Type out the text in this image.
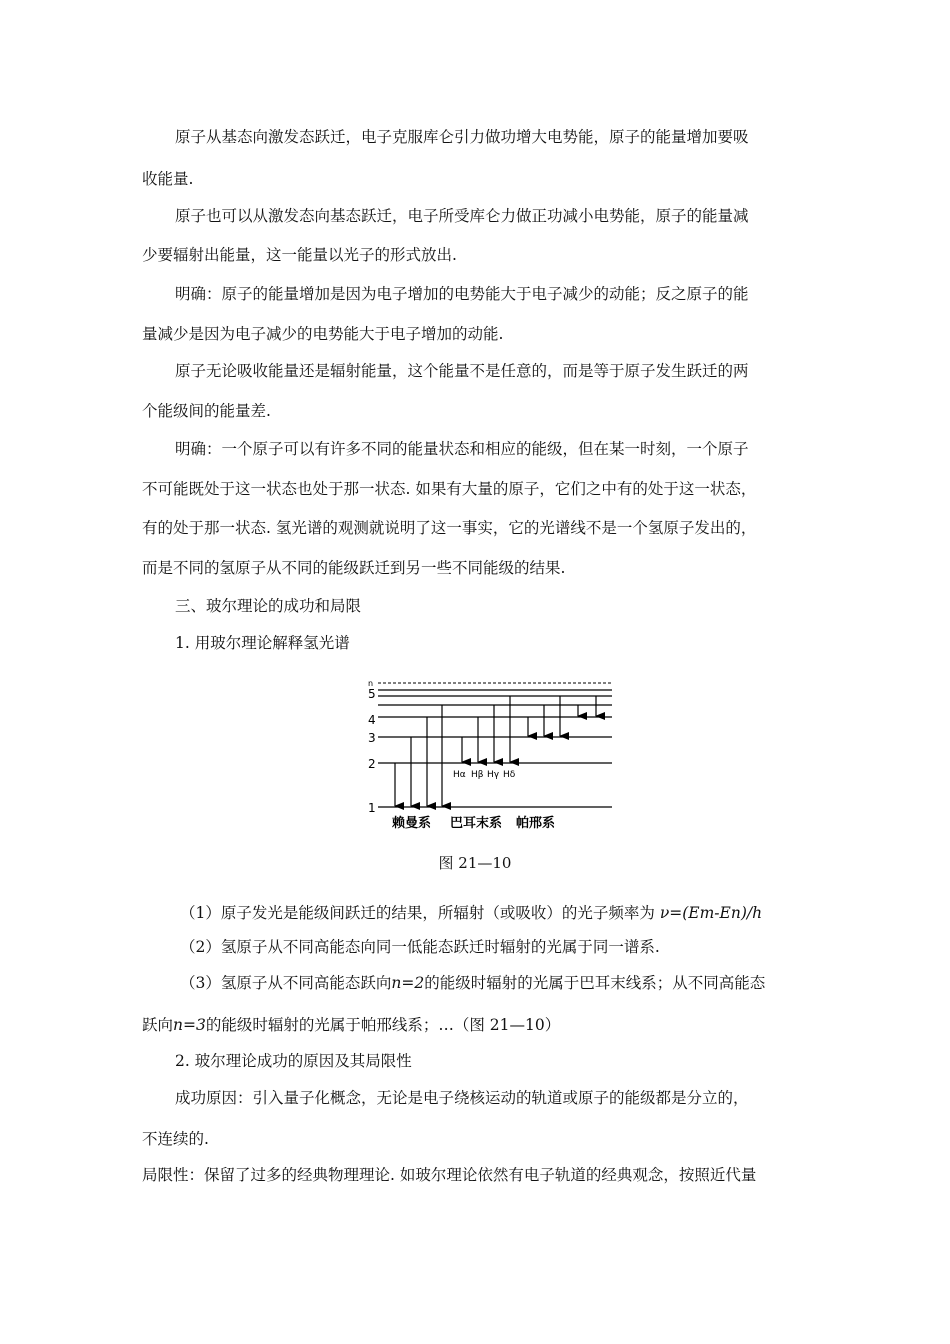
原子从基态向激发态跃迁，电子克服库仑引力做功增大电势能，原子的能量增加要吸

收能量.

原子也可以从激发态向基态跃迁，电子所受库仑力做正功减小电势能，原子的能量减

少要辐射出能量，这一能量以光子的形式放出.

明确：原子的能量增加是因为电子增加的电势能大于电子减少的动能；反之原子的能

量减少是因为电子减少的电势能大于电子增加的动能.

原子无论吸收能量还是辐射能量，这个能量不是任意的，而是等于原子发生跃迁的两

个能级间的能量差.

明确：一个原子可以有许多不同的能量状态和相应的能级，但在某一时刻，一个原子

不可能既处于这一状态也处于那一状态. 如果有大量的原子，它们之中有的处于这一状态，

有的处于那一状态. 氢光谱的观测就说明了这一事实，它的光谱线不是一个氢原子发出的，

而是不同的氢原子从不同的能级跃迁到另一些不同能级的结果.

三、玻尔理论的成功和局限

1. 用玻尔理论解释氢光谱

n
5
4
3
2
1
Hα Hβ Hγ Hδ
赖曼系 巴耳末系 帕邢系
图 21—10

（1）原子发光是能级间跃迁的结果，所辐射（或吸收）的光子频率为 ν=(Em-En)/h

（2）氢原子从不同高能态向同一低能态跃迁时辐射的光属于同一谱系.

（3）氢原子从不同高能态跃向n=2的能级时辐射的光属于巴耳末线系；从不同高能态

跃向n=3的能级时辐射的光属于帕邢线系；…（图 21—10）

2. 玻尔理论成功的原因及其局限性

成功原因：引入量子化概念，无论是电子绕核运动的轨道或原子的能级都是分立的，

不连续的.

局限性：保留了过多的经典物理理论. 如玻尔理论依然有电子轨道的经典观念，按照近代量
